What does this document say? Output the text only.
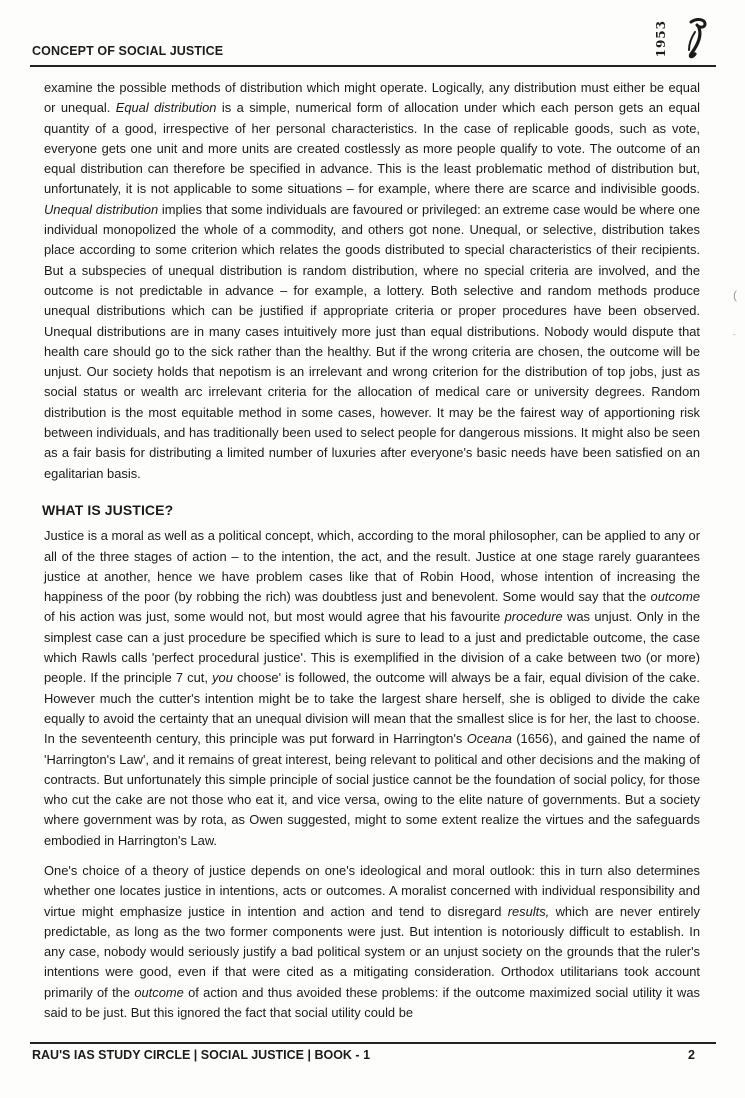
CONCEPT OF SOCIAL JUSTICE	1953

examine the possible methods of distribution which might operate. Logically, any distribution must either be equal or unequal. Equal distribution is a simple, numerical form of allocation under which each person gets an equal quantity of a good, irrespective of her personal characteristics. In the case of replicable goods, such as vote, everyone gets one unit and more units are created costlessly as more people qualify to vote. The outcome of an equal distribution can therefore be specified in advance. This is the least problematic method of distribution but, unfortunately, it is not applicable to some situations – for example, where there are scarce and indivisible goods. Unequal distribution implies that some individuals are favoured or privileged: an extreme case would be where one individual monopolized the whole of a commodity, and others got none. Unequal, or selective, distribution takes place according to some criterion which relates the goods distributed to special characteristics of their recipients. But a subspecies of unequal distribution is random distribution, where no special criteria are involved, and the outcome is not predictable in advance – for example, a lottery. Both selective and random methods produce unequal distributions which can be justified if appropriate criteria or proper procedures have been observed. Unequal distributions are in many cases intuitively more just than equal distributions. Nobody would dispute that health care should go to the sick rather than the healthy. But if the wrong criteria are chosen, the outcome will be unjust. Our society holds that nepotism is an irrelevant and wrong criterion for the distribution of top jobs, just as social status or wealth arc irrelevant criteria for the allocation of medical care or university degrees. Random distribution is the most equitable method in some cases, however. It may be the fairest way of apportioning risk between individuals, and has traditionally been used to select people for dangerous missions. It might also be seen as a fair basis for distributing a limited number of luxuries after everyone's basic needs have been satisfied on an egalitarian basis.

WHAT IS JUSTICE?

Justice is a moral as well as a political concept, which, according to the moral philosopher, can be applied to any or all of the three stages of action – to the intention, the act, and the result. Justice at one stage rarely guarantees justice at another, hence we have problem cases like that of Robin Hood, whose intention of increasing the happiness of the poor (by robbing the rich) was doubtless just and benevolent. Some would say that the outcome of his action was just, some would not, but most would agree that his favourite procedure was unjust. Only in the simplest case can a just procedure be specified which is sure to lead to a just and predictable outcome, the case which Rawls calls 'perfect procedural justice'. This is exemplified in the division of a cake between two (or more) people. If the principle 7 cut, you choose' is followed, the outcome will always be a fair, equal division of the cake. However much the cutter's intention might be to take the largest share herself, she is obliged to divide the cake equally to avoid the certainty that an unequal division will mean that the smallest slice is for her, the last to choose. In the seventeenth century, this principle was put forward in Harrington's Oceana (1656), and gained the name of 'Harrington's Law', and it remains of great interest, being relevant to political and other decisions and the making of contracts. But unfortunately this simple principle of social justice cannot be the foundation of social policy, for those who cut the cake are not those who eat it, and vice versa, owing to the elite nature of governments. But a society where government was by rota, as Owen suggested, might to some extent realize the virtues and the safeguards embodied in Harrington's Law.

One's choice of a theory of justice depends on one's ideological and moral outlook: this in turn also determines whether one locates justice in intentions, acts or outcomes. A moralist concerned with individual responsibility and virtue might emphasize justice in intention and action and tend to disregard results, which are never entirely predictable, as long as the two former components were just. But intention is notoriously difficult to establish. In any case, nobody would seriously justify a bad political system or an unjust society on the grounds that the ruler's intentions were good, even if that were cited as a mitigating consideration. Orthodox utilitarians took account primarily of the outcome of action and thus avoided these problems: if the outcome maximized social utility it was said to be just. But this ignored the fact that social utility could be

(
-
RAU'S IAS STUDY CIRCLE | SOCIAL JUSTICE | BOOK - 1	2
